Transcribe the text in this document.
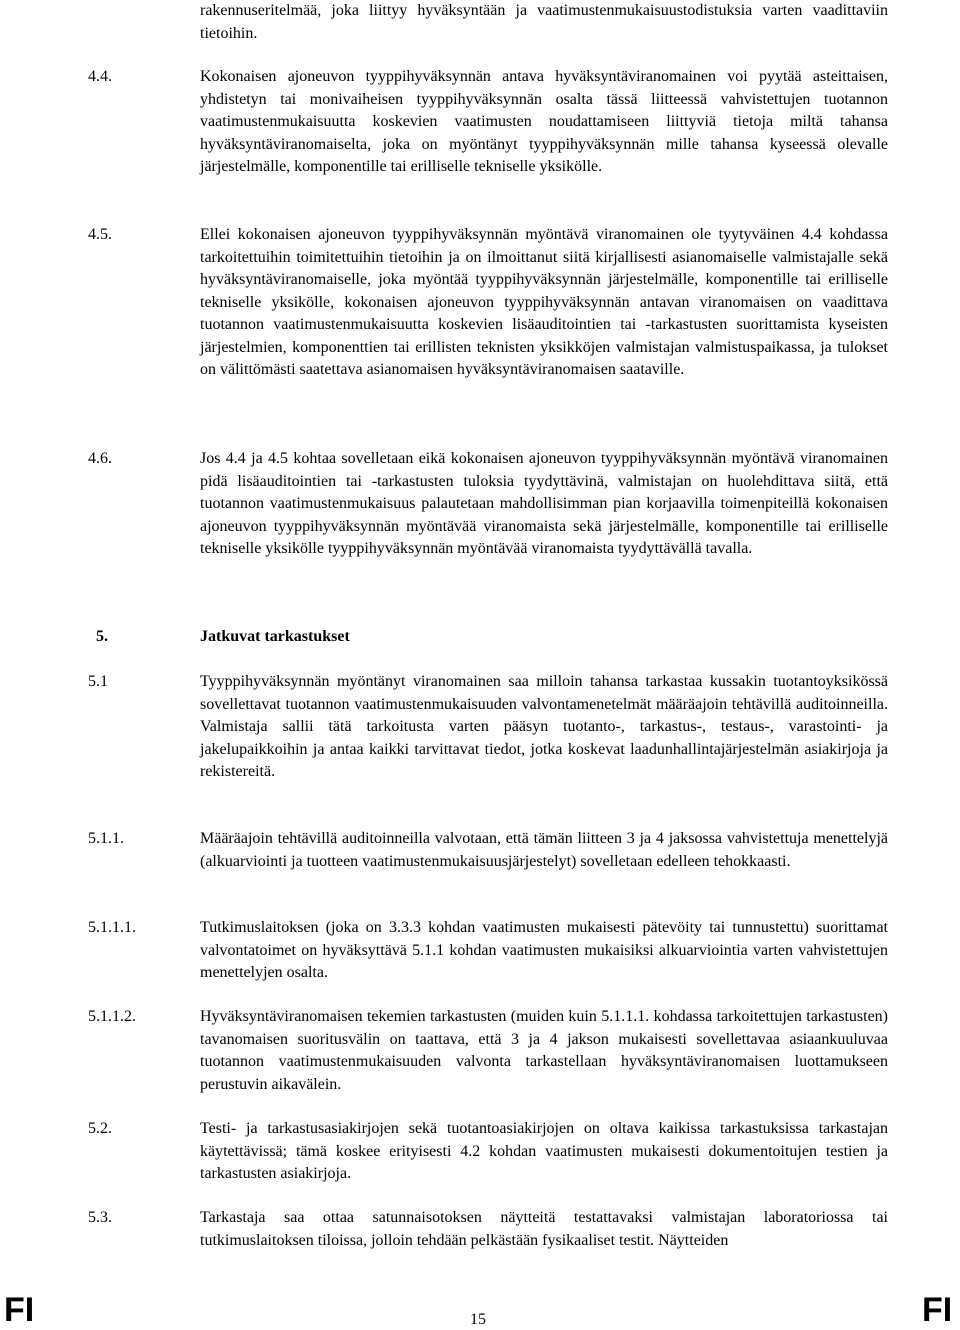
rakennuseritelmää, joka liittyy hyväksyntään ja vaatimustenmukaisuustodistuksia varten vaadittaviin tietoihin.

4.4.	Kokonaisen ajoneuvon tyyppihyväksynnän antava hyväksyntäviranomainen voi pyytää asteittaisen, yhdistetyn tai monivaiheisen tyyppihyväksynnän osalta tässä liitteessä vahvistettujen tuotannon vaatimustenmukaisuutta koskevien vaatimusten noudattamiseen liittyviä tietoja miltä tahansa hyväksyntäviranomaiselta, joka on myöntänyt tyyppihyväksynnän mille tahansa kyseessä olevalle järjestelmälle, komponentille tai erilliselle tekniselle yksikölle.

4.5.	Ellei kokonaisen ajoneuvon tyyppihyväksynnän myöntävä viranomainen ole tyytyväinen 4.4 kohdassa tarkoitettuihin toimitettuihin tietoihin ja on ilmoittanut siitä kirjallisesti asianomaiselle valmistajalle sekä hyväksyntäviranomaiselle, joka myöntää tyyppihyväksynnän järjestelmälle, komponentille tai erilliselle tekniselle yksikölle, kokonaisen ajoneuvon tyyppihyväksynnän antavan viranomaisen on vaadittava tuotannon vaatimustenmukaisuutta koskevien lisäauditointien tai -tarkastusten suorittamista kyseisten järjestelmien, komponenttien tai erillisten teknisten yksikköjen valmistajan valmistuspaikassa, ja tulokset on välittömästi saatettava asianomaisen hyväksyntäviranomaisen saataville.

4.6.	Jos 4.4 ja 4.5 kohtaa sovelletaan eikä kokonaisen ajoneuvon tyyppihyväksynnän myöntävä viranomainen pidä lisäauditointien tai -tarkastusten tuloksia tyydyttävinä, valmistajan on huolehdittava siitä, että tuotannon vaatimustenmukaisuus palautetaan mahdollisimman pian korjaavilla toimenpiteillä kokonaisen ajoneuvon tyyppihyväksynnän myöntävää viranomaista sekä järjestelmälle, komponentille tai erilliselle tekniselle yksikölle tyyppihyväksynnän myöntävää viranomaista tyydyttävällä tavalla.

5.	Jatkuvat tarkastukset

5.1	Tyyppihyväksynnän myöntänyt viranomainen saa milloin tahansa tarkastaa kussakin tuotantoyksikössä sovellettavat tuotannon vaatimustenmukaisuuden valvontamenetelmät määräajoin tehtävillä auditoinneilla. Valmistaja sallii tätä tarkoitusta varten pääsyn tuotanto-, tarkastus-, testaus-, varastointi- ja jakelupaikkoihin ja antaa kaikki tarvittavat tiedot, jotka koskevat laadunhallintajärjestelmän asiakirjoja ja rekistereitä.

5.1.1.	Määräajoin tehtävillä auditoinneilla valvotaan, että tämän liitteen 3 ja 4 jaksossa vahvistettuja menettelyjä (alkuarviointi ja tuotteen vaatimustenmukaisuusjärjestelyt) sovelletaan edelleen tehokkaasti.

5.1.1.1.	Tutkimuslaitoksen (joka on 3.3.3 kohdan vaatimusten mukaisesti pätevöity tai tunnustettu) suorittamat valvontatoimet on hyväksyttävä 5.1.1 kohdan vaatimusten mukaisiksi alkuarviointia varten vahvistettujen menettelyjen osalta.

5.1.1.2.	Hyväksyntäviranomaisen tekemien tarkastusten (muiden kuin 5.1.1.1. kohdassa tarkoitettujen tarkastusten) tavanomaisen suoritusvälin on taattava, että 3 ja 4 jakson mukaisesti sovellettavaa asiaankuuluvaa tuotannon vaatimustenmukaisuuden valvonta tarkastellaan hyväksyntäviranomaisen luottamukseen perustuvin aikavälein.

5.2.	Testi- ja tarkastusasiakirjojen sekä tuotantoasiakirjojen on oltava kaikissa tarkastuksissa tarkastajan käytettävissä; tämä koskee erityisesti 4.2 kohdan vaatimusten mukaisesti dokumentoitujen testien ja tarkastusten asiakirjoja.

5.3.	Tarkastaja saa ottaa satunnaisotoksen näytteitä testattavaksi valmistajan laboratoriossa tai tutkimuslaitoksen tiloissa, jolloin tehdään pelkästään fysikaaliset testit. Näytteiden

FI	15	FI
